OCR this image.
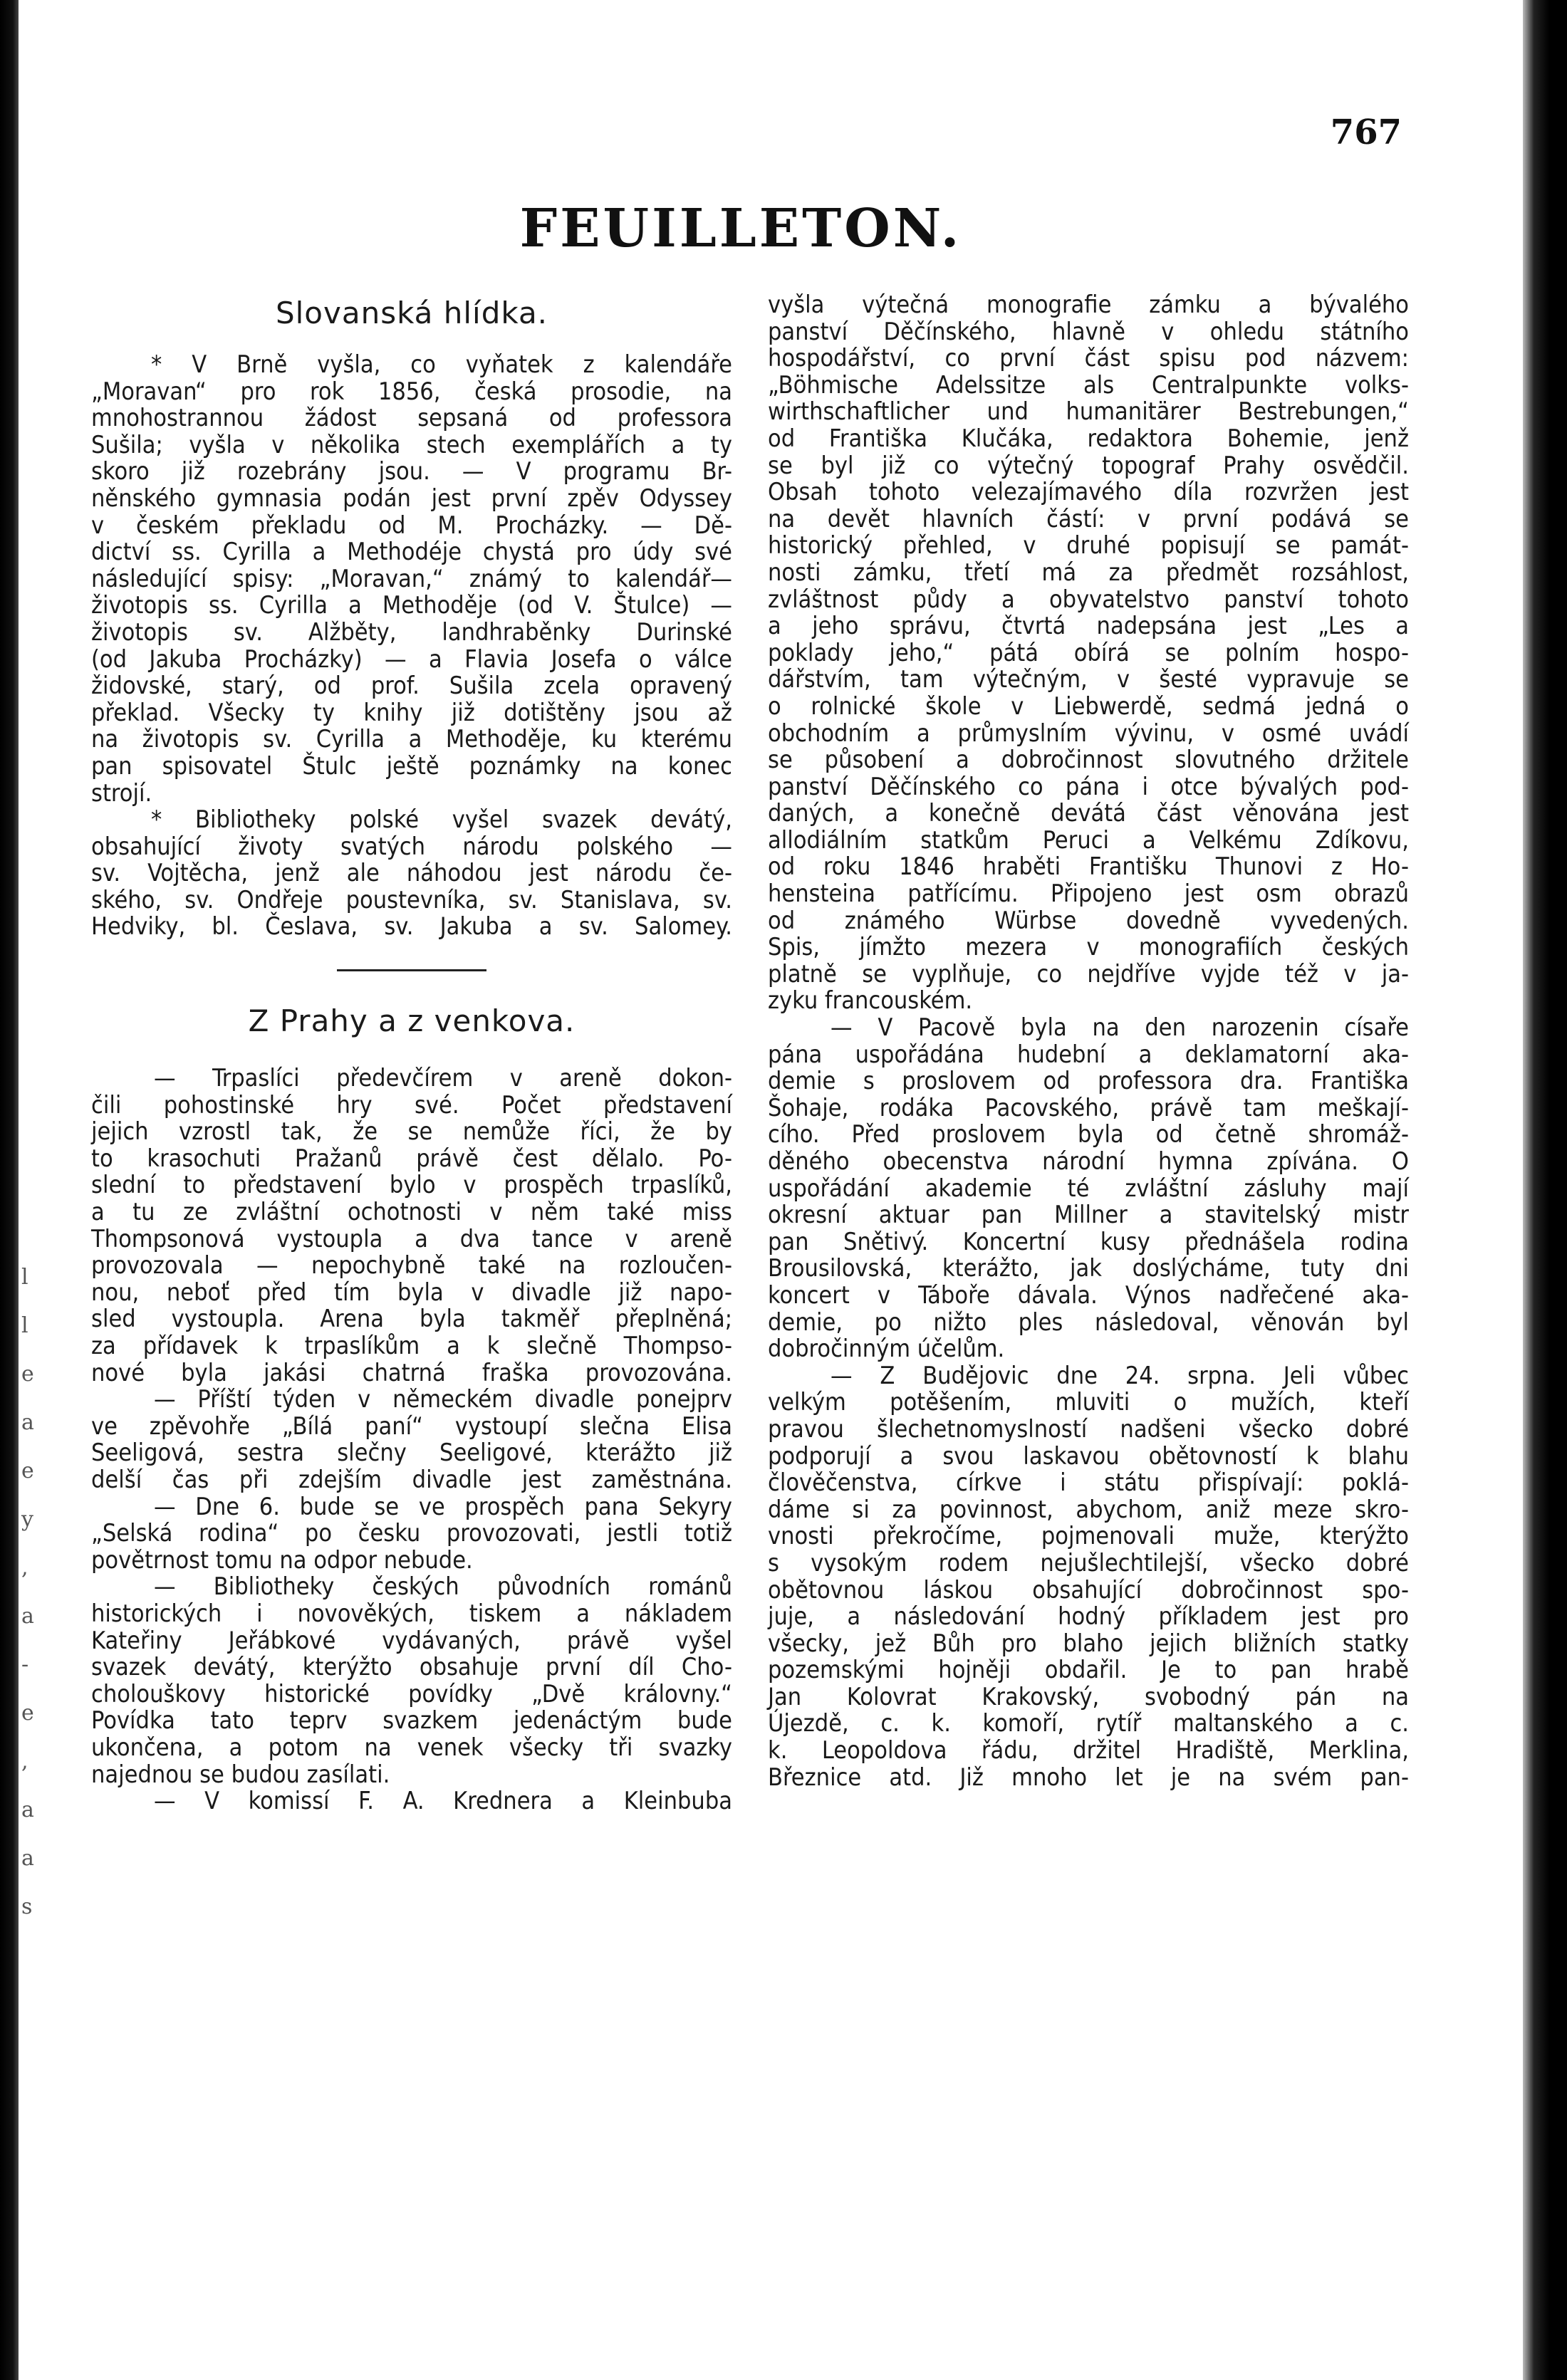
l
l
e
a
e
y
,
a
-
e
,
a
a
s
767
FEUILLETON.
Slovanská hlídka.
* V Brně vyšla, co vyňatek z kalendáře
„Moravan“ pro rok 1856, česká prosodie, na
mnohostrannou žádost sepsaná od professora
Sušila; vyšla v několika stech exemplářích a ty
skoro již rozebrány jsou. — V programu Br-
něnského gymnasia podán jest první zpěv Odyssey
v českém překladu od M. Procházky. — Dě-
dictví ss. Cyrilla a Methodéje chystá pro údy své
následující spisy: „Moravan,“ známý to kalendář—
životopis ss. Cyrilla a Methoděje (od V. Štulce) —
životopis sv. Alžběty, landhraběnky Durinské
(od Jakuba Procházky) — a Flavia Josefa o válce
židovské, starý, od prof. Sušila zcela opravený
překlad. Všecky ty knihy již dotištěny jsou až
na životopis sv. Cyrilla a Methoděje, ku kterému
pan spisovatel Štulc ještě poznámky na konec
strojí.
* Bibliotheky polské vyšel svazek devátý,
obsahující životy svatých národu polského —
sv. Vojtěcha, jenž ale náhodou jest národu če-
ského, sv. Ondřeje poustevníka, sv. Stanislava, sv.
Hedviky, bl. Česlava, sv. Jakuba a sv. Salomey.
Z Prahy a z venkova.
— Trpaslíci předevčírem v areně dokon-
čili pohostinské hry své. Počet představení
jejich vzrostl tak, že se nemůže říci, že by
to krasochuti Pražanů právě čest dělalo. Po-
slední to představení bylo v prospěch trpaslíků,
a tu ze zvláštní ochotnosti v něm také miss
Thompsonová vystoupla a dva tance v areně
provozovala — nepochybně také na rozloučen-
nou, neboť před tím byla v divadle již napo-
sled vystoupla. Arena byla takměř přeplněná;
za přídavek k trpaslíkům a k slečně Thompso-
nové byla jakási chatrná fraška provozována.
— Příští týden v německém divadle ponejprv
ve zpěvohře „Bílá paní“ vystoupí slečna Elisa
Seeligová, sestra slečny Seeligové, kterážto již
delší čas při zdejším divadle jest zaměstnána.
— Dne 6. bude se ve prospěch pana Sekyry
„Selská rodina“ po česku provozovati, jestli totiž
povětrnost tomu na odpor nebude.
— Bibliotheky českých původních románů
historických i novověkých, tiskem a nákladem
Kateřiny Jeřábkové vydávaných, právě vyšel
svazek devátý, kterýžto obsahuje první díl Cho-
cholouškovy historické povídky „Dvě královny.“
Povídka tato teprv svazkem jedenáctým bude
ukončena, a potom na venek všecky tři svazky
najednou se budou zasílati.
— V komissí F. A. Krednera a Kleinbuba
vyšla výtečná monografie zámku a bývalého
panství Děčínského, hlavně v ohledu státního
hospodářství, co první část spisu pod názvem:
„Böhmische Adelssitze als Centralpunkte volks-
wirthschaftlicher und humanitärer Bestrebungen,“
od Františka Klučáka, redaktora Bohemie, jenž
se byl již co výtečný topograf Prahy osvědčil.
Obsah tohoto velezajímavého díla rozvržen jest
na devět hlavních částí: v první podává se
historický přehled, v druhé popisují se památ-
nosti zámku, třetí má za předmět rozsáhlost,
zvláštnost půdy a obyvatelstvo panství tohoto
a jeho správu, čtvrtá nadepsána jest „Les a
poklady jeho,“ pátá obírá se polním hospo-
dářstvím, tam výtečným, v šesté vypravuje se
o rolnické škole v Liebwerdě, sedmá jedná o
obchodním a průmyslním vývinu, v osmé uvádí
se působení a dobročinnost slovutného držitele
panství Děčínského co pána i otce bývalých pod-
daných, a konečně devátá část věnována jest
allodiálním statkům Peruci a Velkému Zdíkovu,
od roku 1846 hraběti Františku Thunovi z Ho-
hensteina patřícímu. Připojeno jest osm obrazů
od známého Würbse dovedně vyvedených.
Spis, jímžto mezera v monografiích českých
platně se vyplňuje, co nejdříve vyjde též v ja-
zyku francouském.
— V Pacově byla na den narozenin císaře
pána uspořádána hudební a deklamatorní aka-
demie s proslovem od professora dra. Františka
Šohaje, rodáka Pacovského, právě tam meškají-
cího. Před proslovem byla od četně shromáž-
děného obecenstva národní hymna zpívána. O
uspořádání akademie té zvláštní zásluhy mají
okresní aktuar pan Millner a stavitelský mistr
pan Snětivý. Koncertní kusy přednášela rodina
Brousilovská, kterážto, jak doslýcháme, tuty dni
koncert v Táboře dávala. Výnos nadřečené aka-
demie, po nižto ples následoval, věnován byl
dobročinným účelům.
— Z Budějovic dne 24. srpna. Jeli vůbec
velkým potěšením, mluviti o mužích, kteří
pravou šlechetnomyslností nadšeni všecko dobré
podporují a svou laskavou obětovností k blahu
člověčenstva, církve i státu přispívají: poklá-
dáme si za povinnost, abychom, aniž meze skro-
vnosti překročíme, pojmenovali muže, kterýžto
s vysokým rodem nejušlechtilejší, všecko dobré
obětovnou láskou obsahující dobročinnost spo-
juje, a následování hodný příkladem jest pro
všecky, jež Bůh pro blaho jejich bližních statky
pozemskými hojněji obdařil. Je to pan hrabě
Jan Kolovrat Krakovský, svobodný pán na
Újezdě, c. k. komoří, rytíř maltanského a c.
k. Leopoldova řádu, držitel Hradiště, Merklina,
Březnice atd. Již mnoho let je na svém pan-
